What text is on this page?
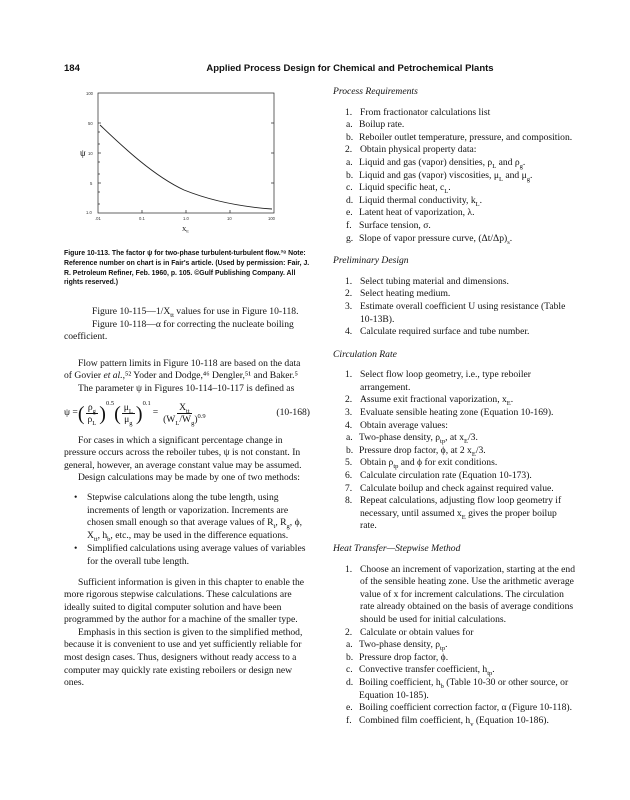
184	Applied Process Design for Chemical and Petrochemical Plants
100
50
10
5
1.0
.01	0.1	1.0	10	100
ψ
$X_{tt}$
Figure 10-113. The factor ψ for two-phase turbulent-turbulent flow.³⁸ Note: Reference number on chart is in Fair's article. (Used by permission: Fair, J. R. Petroleum Refiner, Feb. 1960, p. 105. ©Gulf Publishing Company. All rights reserved.)

Figure $10-115—1/X_{tt}$ values for use in Figure 10-118.

Figure 10-118—α for correcting the nucleate boiling coefficient.

Flow pattern limits in Figure 10-118 are based on the data of Govier et al.,⁵² Yoder and Dodge,⁴⁶ Dengler,⁵¹ and Baker.⁵

The parameter ψ in Figures 10-114–10-117 is defined as

ψ = ( $\frac{\rho_g}{\rho_L} )^{0.5}$ ( $\frac{\mu_L}{\mu_g} )^{0.1}$
= $\frac{X_{tt}}{(W_L/W_g)^{0.9}}$	(10-168)

For cases in which a significant percentage change in pressure occurs across the reboiler tubes, ψ is not constant. In general, however, an average constant value may be assumed.

Design calculations may be made by one of two methods:

• Stepwise calculations along the tube length, using increments of length or vaporization. Increments are chosen small enough so that average values of $R_t$, $R_g$, ϕ, $X_{tt}$, $h_b$, etc., may be used in the difference equations.
• Simplified calculations using average values of variables for the overall tube length.

Sufficient information is given in this chapter to enable the more rigorous stepwise calculations. These calculations are ideally suited to digital computer solution and have been programmed by the author for a machine of the smaller type.

Emphasis in this section is given to the simplified method, because it is convenient to use and yet sufficiently reliable for most design cases. Thus, designers without ready access to a computer may quickly rate existing reboilers or design new ones.

Process Requirements

1. From fractionator calculations list
a. Boilup rate.
b. Reboiler outlet temperature, pressure, and composition.
2. Obtain physical property data:
a. Liquid and gas (vapor) densities, $\rho_L$ and $\rho_g$.
b. Liquid and gas (vapor) viscosities, $\mu_L$ and $\mu_g$.
c. Liquid specific heat, $c_L$.
d. Liquid thermal conductivity, $k_L$.
e. Latent heat of vaporization, λ.
f. Surface tension, σ.
g. Slope of vapor pressure curve, $(\Delta t/\Delta p)_s$.

Preliminary Design

1. Select tubing material and dimensions.
2. Select heating medium.
3. Estimate overall coefficient U using resistance (Table 10-13B).
4. Calculate required surface and tube number.

Circulation Rate

1. Select flow loop geometry, i.e., type reboiler arrangement.
2. Assume exit fractional vaporization, $x_E$.
3. Evaluate sensible heating zone (Equation 10-169).
4. Obtain average values:
a. Two-phase density, $\rho_{tp}$, at $x_E/3$.
b. Pressure drop factor, ϕ, at 2 $x_E/3$.
5. Obtain $\rho_{tp}$ and ϕ for exit conditions.
6. Calculate circulation rate (Equation 10-173).
7. Calculate boilup and check against required value.
8. Repeat calculations, adjusting flow loop geometry if necessary, until assumed $x_E$ gives the proper boilup rate.

Heat Transfer—Stepwise Method

1. Choose an increment of vaporization, starting at the end of the sensible heating zone. Use the arithmetic average value of x for increment calculations. The circulation rate already obtained on the basis of average conditions should be used for initial calculations.
2. Calculate or obtain values for
a. Two-phase density, $\rho_{tp}$.
b. Pressure drop factor, ϕ.
c. Convective transfer coefficient, $h_{tp}$.
d. Boiling coefficient, $h_b$ (Table 10-30 or other source, or Equation 10-185).
e. Boiling coefficient correction factor, α (Figure 10-118).
f. Combined film coefficient, $h_v$ (Equation 10-186).
